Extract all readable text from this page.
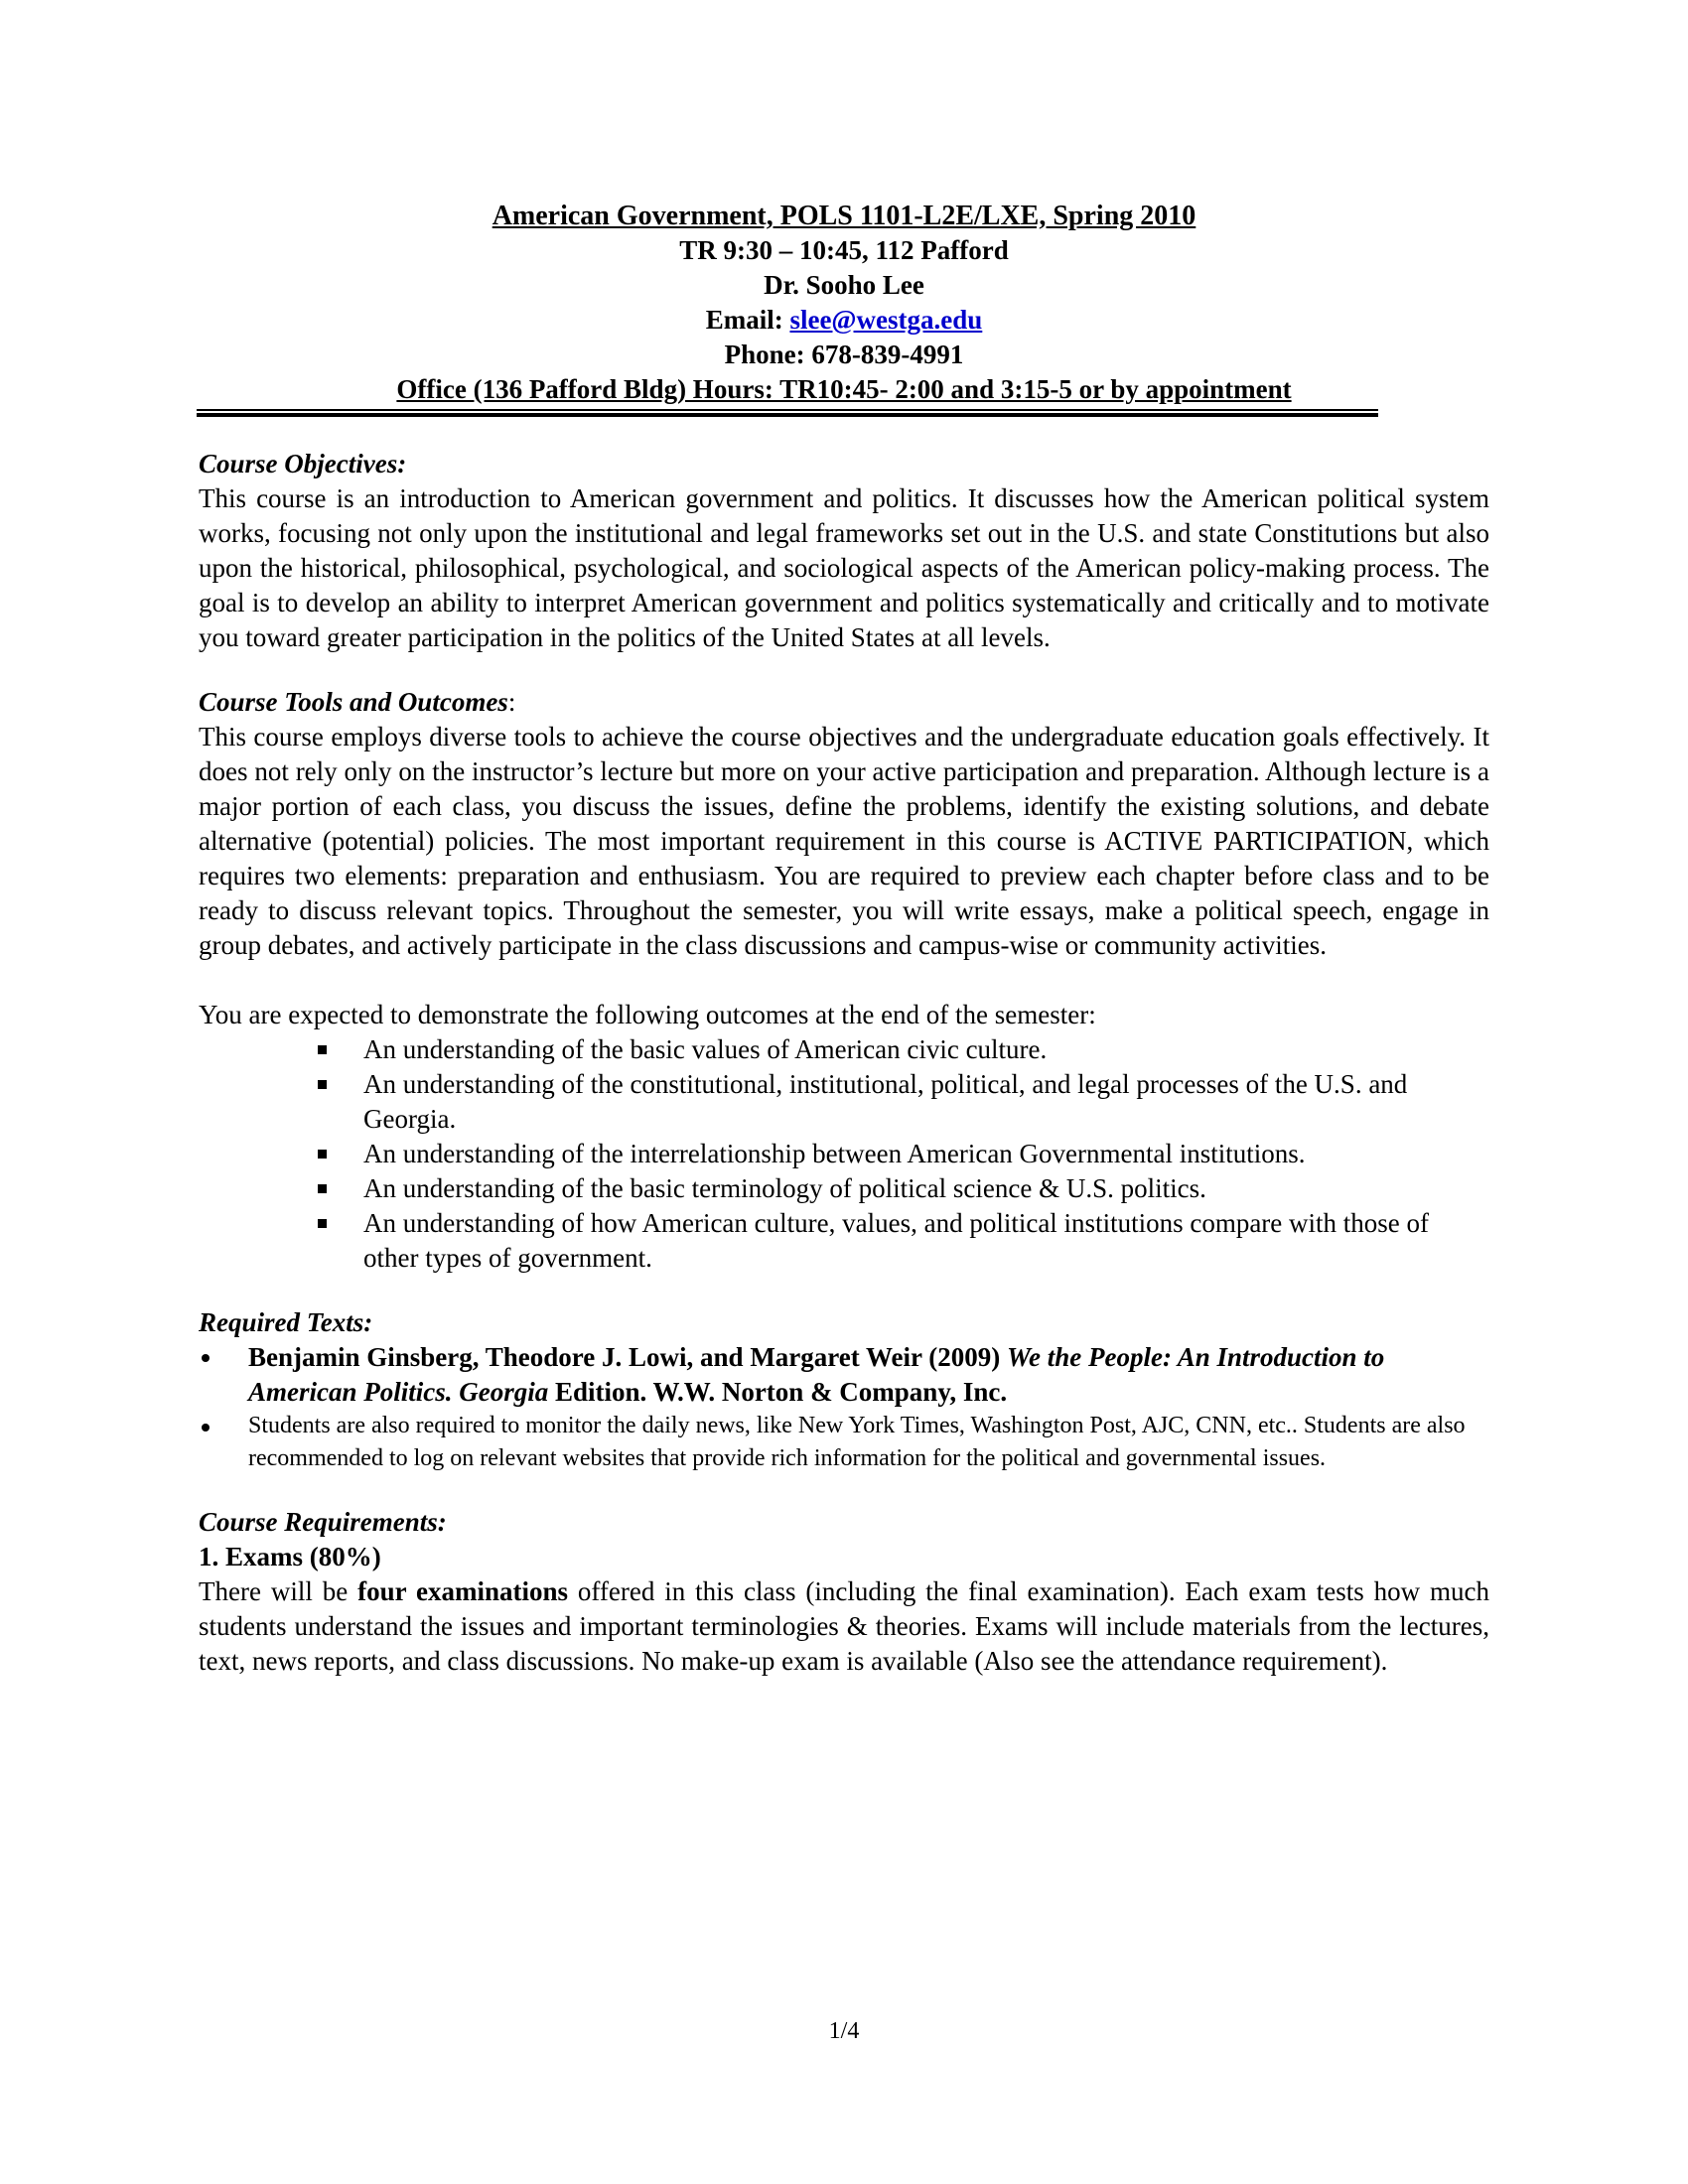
American Government, POLS 1101-L2E/LXE, Spring 2010
TR 9:30 – 10:45, 112 Pafford
Dr. Sooho Lee
Email: slee@westga.edu
Phone: 678-839-4991
Office (136 Pafford Bldg) Hours: TR10:45- 2:00 and 3:15-5 or by appointment
Course Objectives:

This course is an introduction to American government and politics. It discusses how the American political system works, focusing not only upon the institutional and legal frameworks set out in the U.S. and state Constitutions but also upon the historical, philosophical, psychological, and sociological aspects of the American policy-making process. The goal is to develop an ability to interpret American government and politics systematically and critically and to motivate you toward greater participation in the politics of the United States at all levels.

Course Tools and Outcomes:

This course employs diverse tools to achieve the course objectives and the undergraduate education goals effectively. It does not rely only on the instructor’s lecture but more on your active participation and preparation. Although lecture is a major portion of each class, you discuss the issues, define the problems, identify the existing solutions, and debate alternative (potential) policies. The most important requirement in this course is ACTIVE PARTICIPATION, which requires two elements: preparation and enthusiasm. You are required to preview each chapter before class and to be ready to discuss relevant topics. Throughout the semester, you will write essays, make a political speech, engage in group debates, and actively participate in the class discussions and campus-wise or community activities.

You are expected to demonstrate the following outcomes at the end of the semester:

An understanding of the basic values of American civic culture.
An understanding of the constitutional, institutional, political, and legal processes of the U.S. and Georgia.
An understanding of the interrelationship between American Governmental institutions.
An understanding of the basic terminology of political science & U.S. politics.
An understanding of how American culture, values, and political institutions compare with those of other types of government.
Required Texts:
Benjamin Ginsberg, Theodore J. Lowi, and Margaret Weir (2009) We the People: An Introduction to American Politics. Georgia Edition. W.W. Norton & Company, Inc.
Students are also required to monitor the daily news, like New York Times, Washington Post, AJC, CNN, etc.. Students are also recommended to log on relevant websites that provide rich information for the political and governmental issues.
Course Requirements:
1. Exams (80%)

There will be four examinations offered in this class (including the final examination). Each exam tests how much students understand the issues and important terminologies & theories. Exams will include materials from the lectures, text, news reports, and class discussions. No make-up exam is available (Also see the attendance requirement).

1/4
